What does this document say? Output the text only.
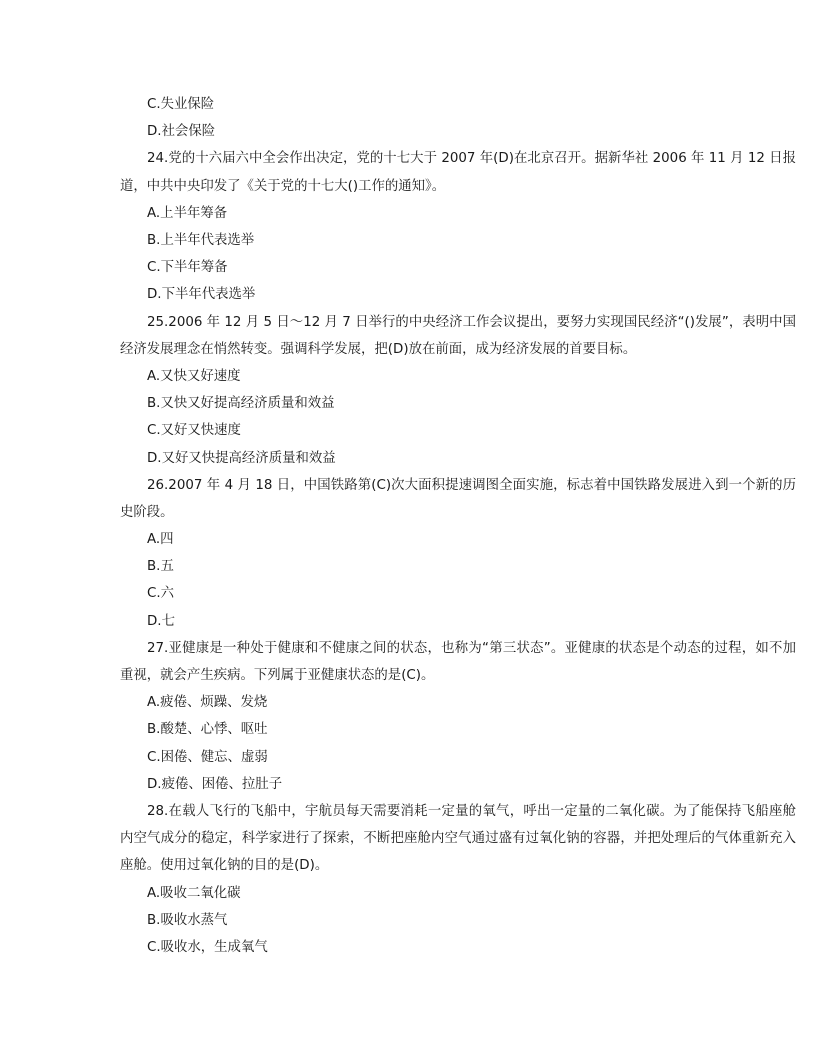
C.失业保险
D.社会保险
24.党的十六届六中全会作出决定，党的十七大于 2007 年(D)在北京召开。据新华社 2006 年 11 月 12 日报道，中共中央印发了《关于党的十七大()工作的通知》。
A.上半年筹备
B.上半年代表选举
C.下半年筹备
D.下半年代表选举
25.2006 年 12 月 5 日～12 月 7 日举行的中央经济工作会议提出，要努力实现国民经济“()发展”，表明中国经济发展理念在悄然转变。强调科学发展，把(D)放在前面，成为经济发展的首要目标。
A.又快又好速度
B.又快又好提高经济质量和效益
C.又好又快速度
D.又好又快提高经济质量和效益
26.2007 年 4 月 18 日，中国铁路第(C)次大面积提速调图全面实施，标志着中国铁路发展进入到一个新的历史阶段。
A.四
B.五
C.六
D.七
27.亚健康是一种处于健康和不健康之间的状态，也称为“第三状态”。亚健康的状态是个动态的过程，如不加重视，就会产生疾病。下列属于亚健康状态的是(C)。
A.疲倦、烦躁、发烧
B.酸楚、心悸、呕吐
C.困倦、健忘、虚弱
D.疲倦、困倦、拉肚子
28.在载人飞行的飞船中，宇航员每天需要消耗一定量的氧气，呼出一定量的二氧化碳。为了能保持飞船座舱内空气成分的稳定，科学家进行了探索，不断把座舱内空气通过盛有过氧化钠的容器，并把处理后的气体重新充入座舱。使用过氧化钠的目的是(D)。
A.吸收二氧化碳
B.吸收水蒸气
C.吸收水，生成氧气
